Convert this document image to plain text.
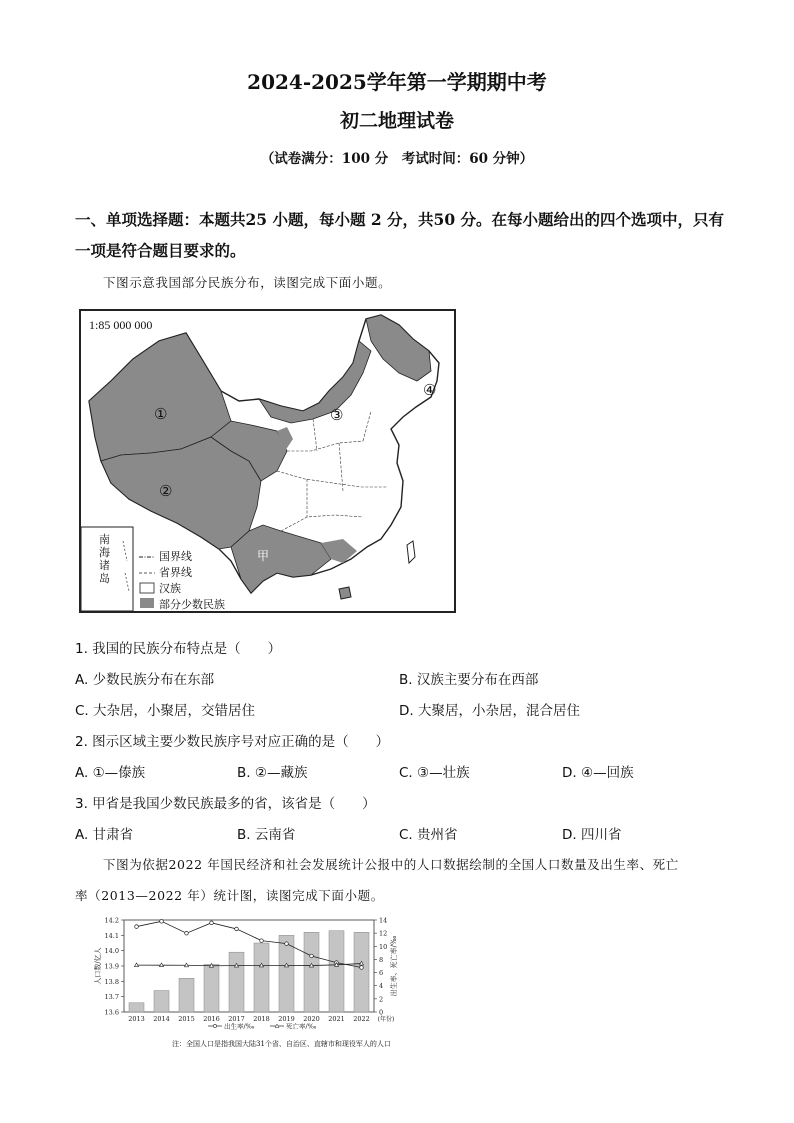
2024-2025学年第一学期期中考
初二地理试卷
（试卷满分：100 分　考试时间：60 分钟）
一、单项选择题：本题共25 小题，每小题 2 分，共50 分。在每小题给出的四个选项中，只有一项是符合题目要求的。
下图示意我国部分民族分布，读图完成下面小题。
1:85 000 000
①
②
③
④
甲
南
海
诸
岛
国界线
省界线
汉族
部分少数民族
1. 我国的民族分布特点是（　　）
A. 少数民族分布在东部	B. 汉族主要分布在西部
C. 大杂居，小聚居，交错居住	D. 大聚居，小杂居，混合居住
2. 图示区域主要少数民族序号对应正确的是（　　）
A. ①—傣族	B. ②—藏族	C. ③—壮族	D. ④—回族
3. 甲省是我国少数民族最多的省，该省是（　　）
A. 甘肃省	B. 云南省	C. 贵州省	D. 四川省
下图为依据2022 年国民经济和社会发展统计公报中的人口数据绘制的全国人口数量及出生率、死亡
率（2013—2022 年）统计图，读图完成下面小题。
13.6
13.7
13.8
13.9
14.0
14.1
14.2
0
2
4
6
8
10
12
14
2013 2014 2015 2016 2017 2018 2019 2020 2021 2022 (年份)
人口数/亿人	出生率、死亡率/‰
出生率/‰	死亡率/‰
注：全国人口是指我国大陆31个省、自治区、直辖市和现役军人的人口
